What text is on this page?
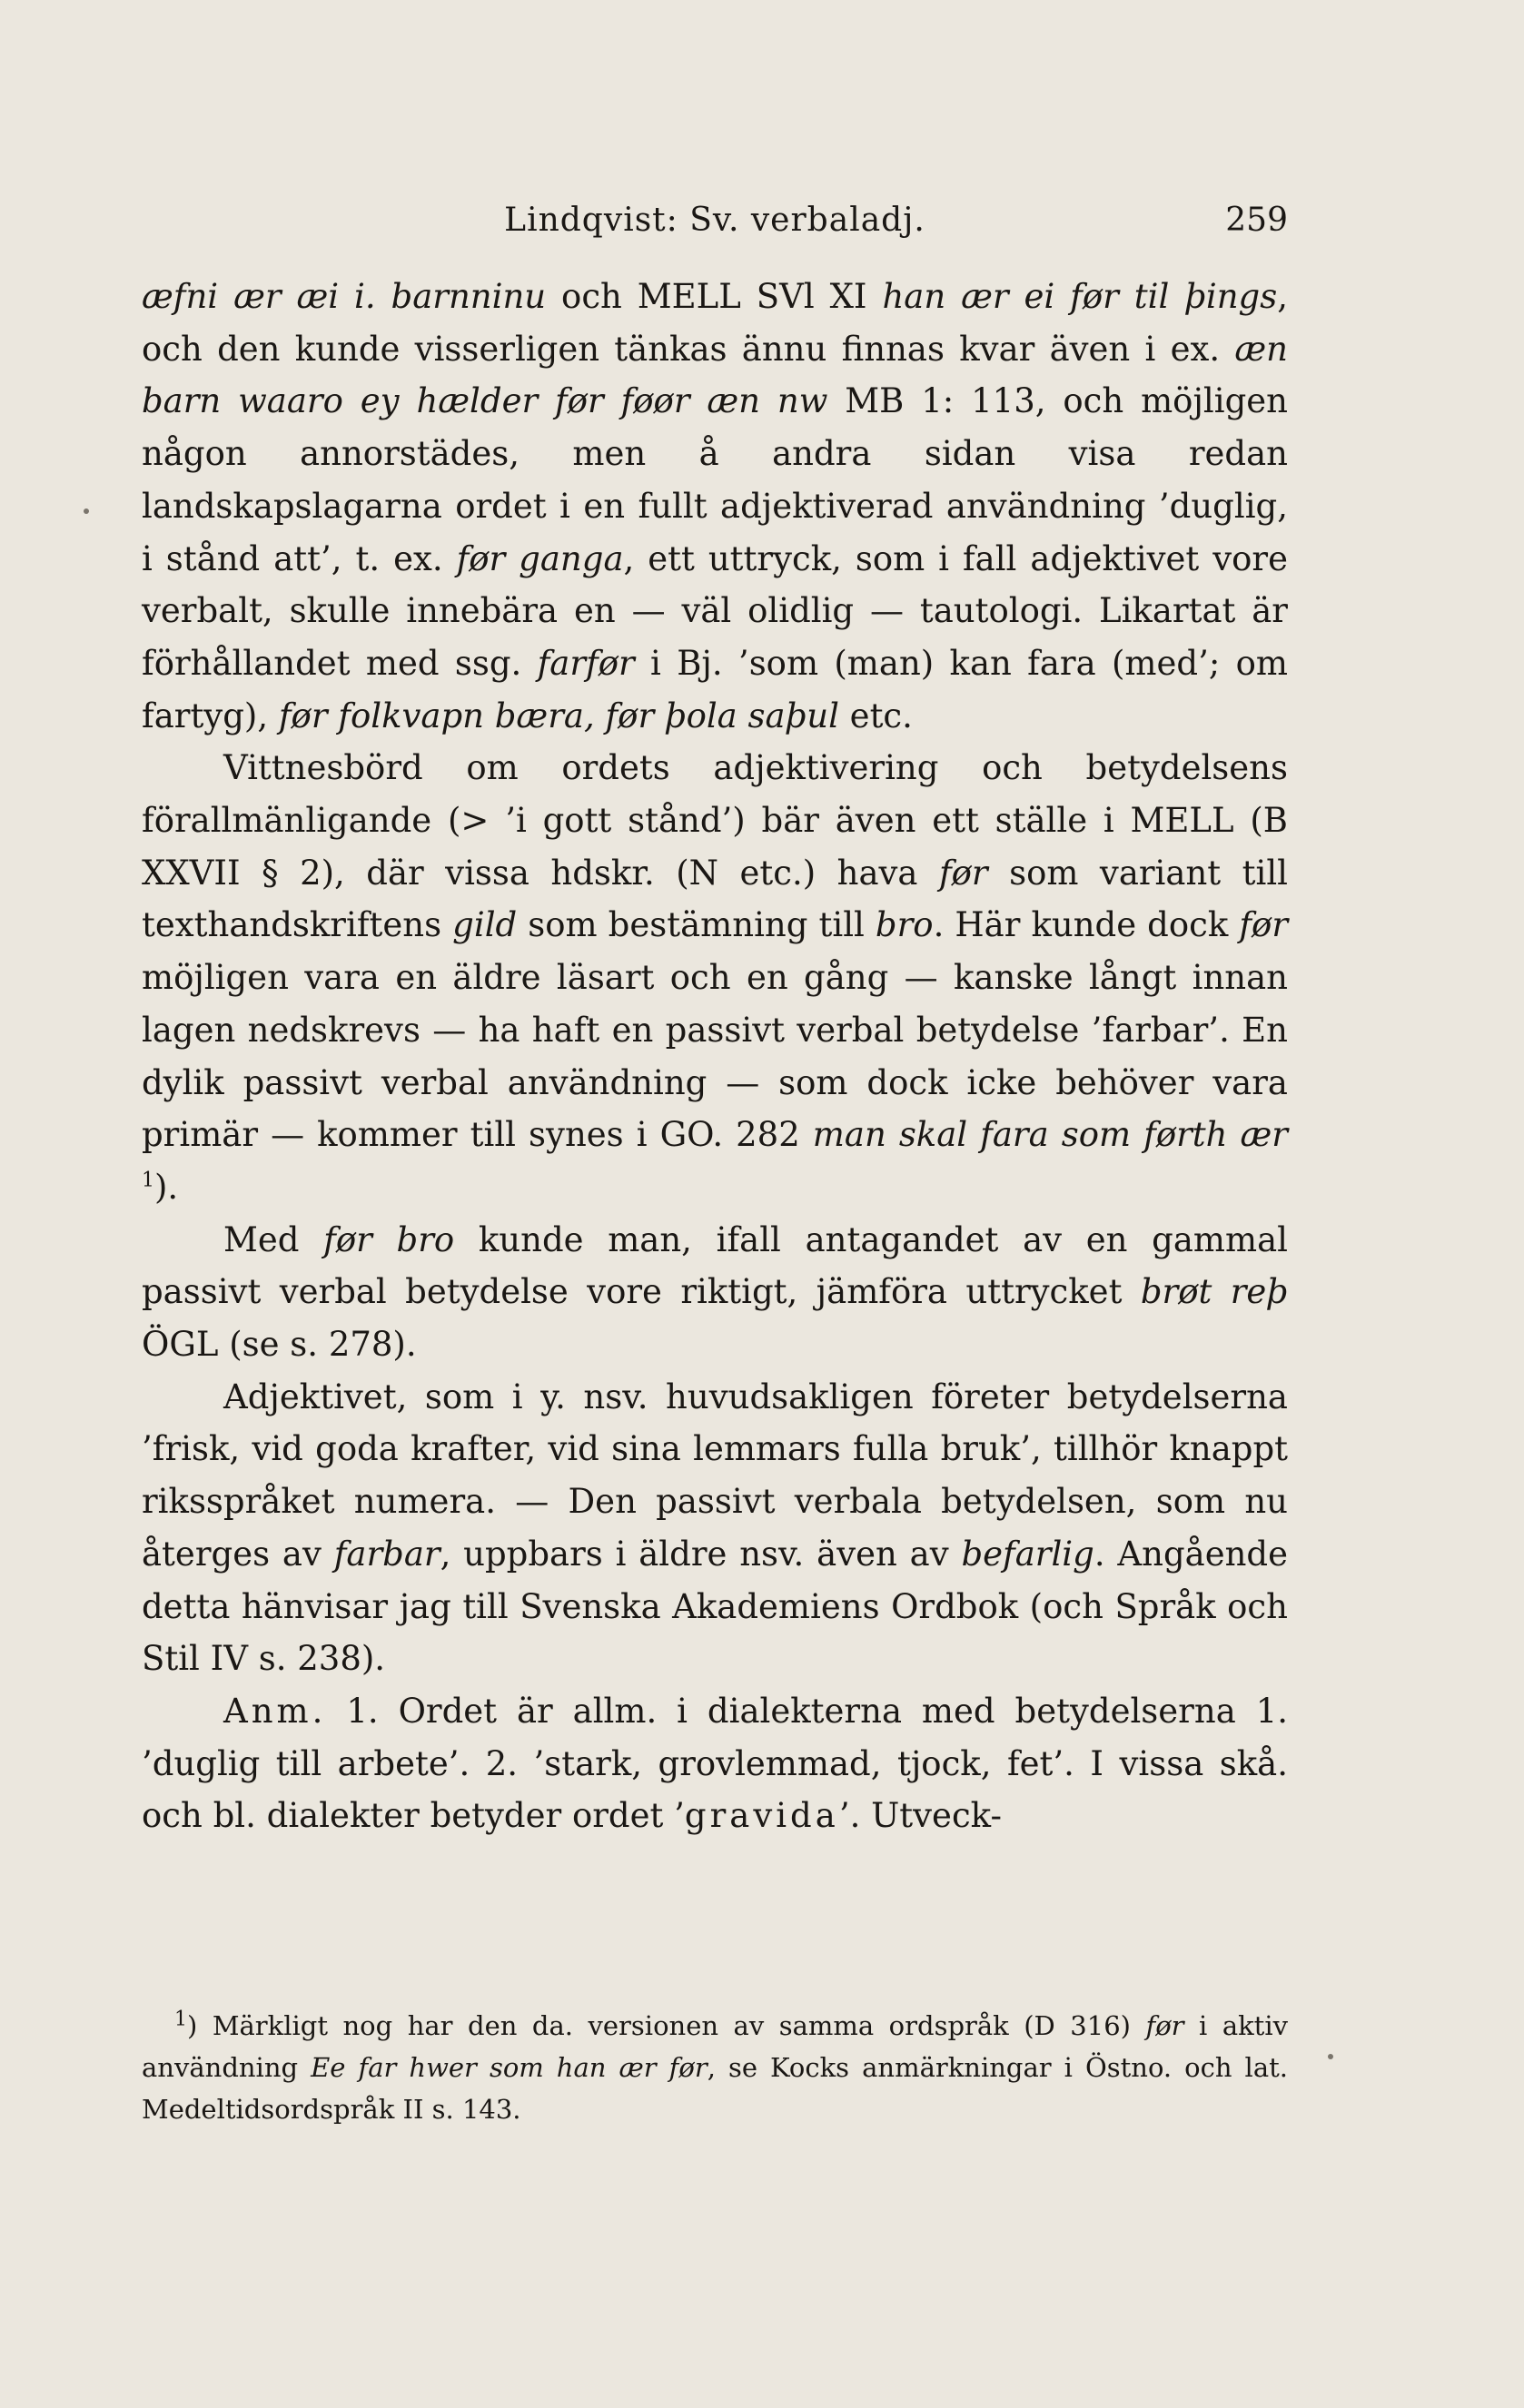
Lindqvist: Sv. verbaladj.	259

æfni ær æi i. barnninu och MELL SVl XI han ær ei før til þings, och den kunde visserligen tänkas ännu finnas kvar även i ex. æn barn waaro ey hælder før føør æn nw MB 1: 113, och möjligen någon annorstädes, men å andra sidan visa redan landskapslagarna ordet i en fullt adjektiverad användning ’duglig, i stånd att’, t. ex. før ganga, ett uttryck, som i fall adjektivet vore verbalt, skulle innebära en — väl olidlig — tautologi. Likartat är förhållandet med ssg. farfør i Bj. ’som (man) kan fara (med’; om fartyg), før folkvapn bæra, før þola saþul etc.

Vittnesbörd om ordets adjektivering och betydelsens förallmänligande (> ’i gott stånd’) bär även ett ställe i MELL (B XXVII § 2), där vissa hdskr. (N etc.) hava før som variant till texthandskriftens gild som bestämning till bro. Här kunde dock før möjligen vara en äldre läsart och en gång — kanske långt innan lagen nedskrevs — ha haft en passivt verbal betydelse ’farbar’. En dylik passivt verbal användning — som dock icke behöver vara primär — kommer till synes i GO. 282 man skal fara som førth ær $^1$).

Med før bro kunde man, ifall antagandet av en gammal passivt verbal betydelse vore riktigt, jämföra uttrycket brøt reþ ÖGL (se s. 278).

Adjektivet, som i y. nsv. huvudsakligen företer betydelserna ’frisk, vid goda krafter, vid sina lemmars fulla bruk’, tillhör knappt riksspråket numera. — Den passivt verbala betydelsen, som nu återges av farbar, uppbars i äldre nsv. även av befarlig. Angående detta hänvisar jag till Svenska Akademiens Ordbok (och Språk och Stil IV s. 238).

Anm. 1. Ordet är allm. i dialekterna med betydelserna 1. ’duglig till arbete’. 2. ’stark, grovlemmad, tjock, fet’. I vissa skå. och bl. dialekter betyder ordet ’gravida’. Utveck-

$^1$) Märkligt nog har den da. versionen av samma ordspråk (D 316) før i aktiv användning Ee far hwer som han ær før, se Kocks anmärkningar i Östno. och lat. Medeltidsordspråk II s. 143.
